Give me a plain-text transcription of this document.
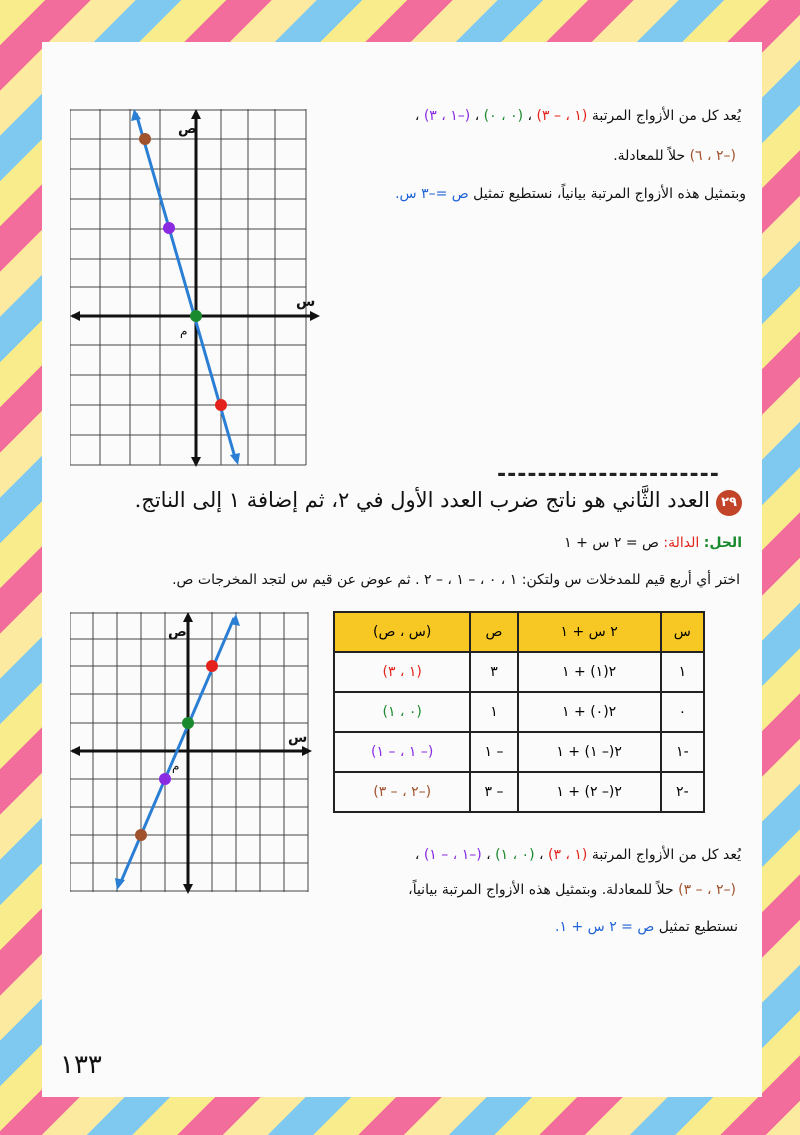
ص
س
م
يُعد كل من الأزواج المرتبة (١ ، – ٣) ، (٠ ، ٠) ، (–١ ، ٣) ،
(–٢ ، ٦) حلاً للمعادلة.
وبتمثيل هذه الأزواج المرتبة بيانياً، نستطيع تمثيل ص =–٣ س.
----------------------
٢٩
العدد الثَّاني هو ناتج ضرب العدد الأول في ٢، ثم إضافة ١ إلى الناتج.
الحل: الدالة: ص = ٢ س + ١
اختر أي أربع قيم للمدخلات س ولتكن: ١ ، ٠ ، – ١ ، – ٢ . ثم عوض عن قيم س لتجد المخرجات ص.
س	٢ س + ١	ص	(س ، ص)
١	٢(١) + ١	٣	(١ ، ٣)
٠	٢(٠) + ١	١	(٠ ، ١)
-١	٢(– ١) + ١	– ١	(– ١ ، – ١)
-٢	٢(– ٢) + ١	– ٣	(–٢ ، – ٣)
ص
س
م
يُعد كل من الأزواج المرتبة (١ ، ٣) ، (٠ ، ١) ، (–١ ، – ١) ،
(–٢ ، – ٣) حلاً للمعادلة. وبتمثيل هذه الأزواج المرتبة بيانياً،
نستطيع تمثيل ص = ٢ س + ١.
١٣٣
